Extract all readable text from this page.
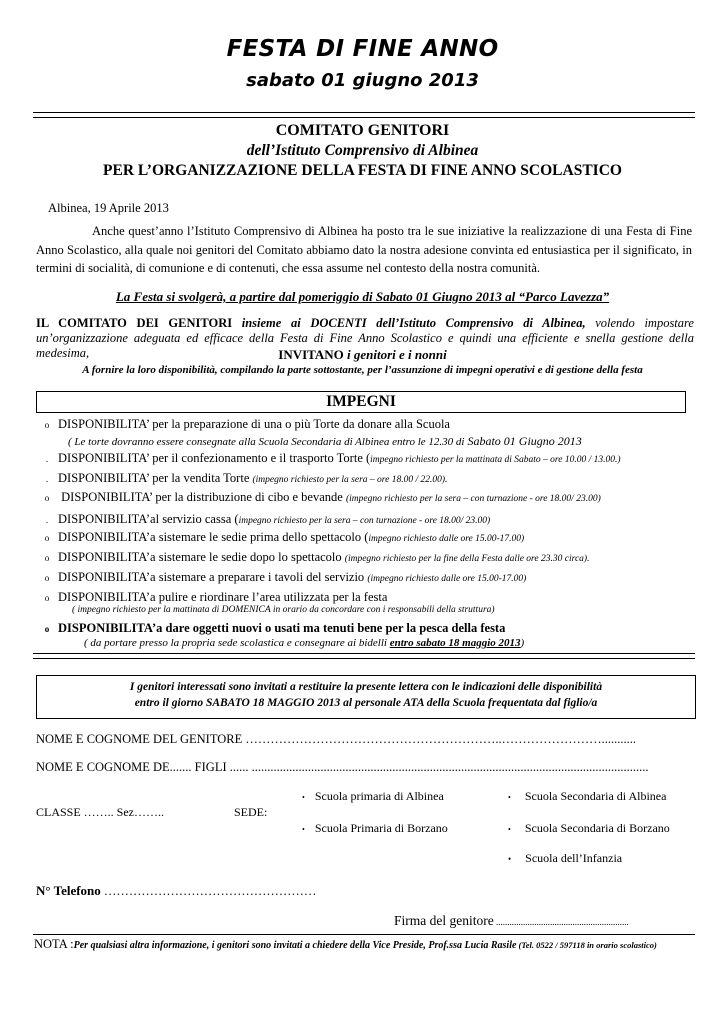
FESTA DI FINE ANNO
sabato 01 giugno 2013
COMITATO GENITORI
dell’Istituto Comprensivo di Albinea
PER L’ORGANIZZAZIONE DELLA FESTA DI FINE ANNO SCOLASTICO
Albinea, 19 Aprile 2013
Anche quest’anno l’Istituto Comprensivo di Albinea ha posto tra le sue iniziative la realizzazione di una Festa di Fine Anno Scolastico, alla quale noi genitori del Comitato abbiamo dato la nostra adesione convinta ed entusiastica per il significato, in termini di socialità, di comunione e di contenuti, che essa assume nel contesto della nostra comunità.
La Festa si svolgerà, a partire dal pomeriggio di Sabato 01 Giugno 2013 al “Parco Lavezza”
IL COMITATO DEI GENITORI insieme ai DOCENTI dell’Istituto Comprensivo di Albinea, volendo impostare un’organizzazione adeguata ed efficace della Festa di Fine Anno Scolastico e quindi una efficiente e snella gestione della medesima,	INVITANO i genitori e i nonni
A fornire la loro disponibilità, compilando la parte sottostante, per l’assunzione di impegni operativi e di gestione della festa
IMPEGNI
o DISPONIBILITA’ per la preparazione di una o più Torte da donare alla Scuola
( Le torte dovranno essere consegnate alla Scuola Secondaria di Albinea entro le 12.30 di Sabato 01 Giugno 2013
. DISPONIBILITA’ per il confezionamento e il trasporto Torte (impegno richiesto per la mattinata di Sabato – ore 10.00 / 13.00.)
. DISPONIBILITA’ per la vendita Torte (impegno richiesto per la sera – ore 18.00 / 22.00).
o DISPONIBILITA’ per la distribuzione di cibo e bevande (impegno richiesto per la sera – con turnazione - ore 18.00/ 23.00)
. DISPONIBILITA’al servizio cassa (impegno richiesto per la sera – con turnazione - ore 18.00/ 23.00)
o DISPONIBILITA’a sistemare le sedie prima dello spettacolo (impegno richiesto dalle ore 15.00-17.00)
o DISPONIBILITA’a sistemare le sedie dopo lo spettacolo (impegno richiesto per la fine della Festa dalle ore 23.30 circa).
o DISPONIBILITA’a sistemare a preparare i tavoli del servizio (impegno richiesto dalle ore 15.00-17.00)
o DISPONIBILITA’a pulire e riordinare l’area utilizzata per la festa
( impegno richiesto per la mattinata di DOMENICA in orario da concordare con i responsabili della struttura)
o DISPONIBILITA’a dare oggetti nuovi o usati ma tenuti bene per la pesca della festa
( da portare presso la propria sede scolastica e consegnare ai bidelli entro sabato 18 maggio 2013)
I genitori interessati sono invitati a restituire la presente lettera con le indicazioni delle disponibilità
entro il giorno SABATO 18 MAGGIO 2013 al personale ATA della Scuola frequentata dal figlio/a
NOME E COGNOME DEL GENITORE ……………………………………………………..……………………...........
NOME E COGNOME DE....... FIGLI ...... ...............................................................................................................................
CLASSE …….. Sez……..	SEDE:
• Scuola primaria di Albinea
• Scuola Primaria di Borzano
• Scuola Secondaria di Albinea
• Scuola Secondaria di Borzano
• Scuola dell’Infanzia
N° Telefono ……………………………………………
Firma del genitore ...........................................................
NOTA :Per qualsiasi altra informazione, i genitori sono invitati a chiedere della Vice Preside, Prof.ssa Lucia Rasile (Tel. 0522 / 597118 in orario scolastico)
